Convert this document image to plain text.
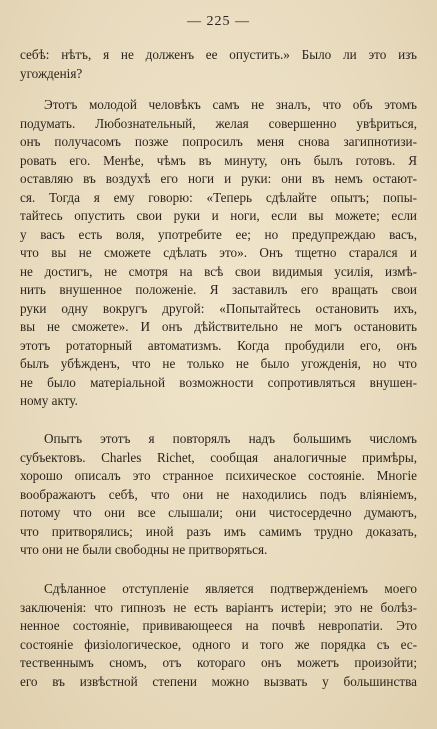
— 225 —
себѣ: нѣтъ, я не долженъ ее опустить.» Было ли это изъ
угожденія?
Этотъ молодой человѣкъ самъ не зналъ, что объ этомъ
подумать. Любознательный, желая совершенно увѣриться,
онъ получасомъ позже попросилъ меня снова загипнотизи-
ровать его. Менѣе, чѣмъ въ минуту, онъ былъ готовъ. Я
оставляю въ воздухѣ его ноги и руки: они въ немъ остают-
ся. Тогда я ему говорю: «Теперь сдѣлайте опытъ; попы-
тайтесь опустить свои руки и ноги, если вы можете; если
у васъ есть воля, употребите ее; но предупреждаю васъ,
что вы не сможете сдѣлать это». Онъ тщетно старался и
не достигъ, не смотря на всѣ свои видимыя усилія, измѣ-
нить внушенное положеніе. Я заставилъ его вращать свои
руки одну вокругъ другой: «Попытайтесь остановить ихъ,
вы не сможете». И онъ дѣйствительно не могъ остановить
этотъ ротаторный автоматизмъ. Когда пробудили его, онъ
былъ убѣжденъ, что не только не было угожденія, но что
не было матеріальной возможности сопротивляться внушен-
ному акту.
Опытъ этотъ я повторялъ надъ большимъ числомъ
субъектовъ. Charles Richet, сообщая аналогичные примѣры,
хорошо описалъ это странное психическое состояніе. Многіе
воображаютъ себѣ, что они не находились подъ вліяніемъ,
потому что они все слышали; они чистосердечно думаютъ,
что притворялись; иной разъ имъ самимъ трудно доказать,
что они не были свободны не притворяться.
Сдѣланное отступленіе является подтвержденіемъ моего
заключенія: что гипнозъ не есть варіантъ истеріи; это не болѣз-
ненное состояніе, прививающееся на почвѣ невропатіи. Это
состояніе физіологическое, одного и того же порядка съ ес-
тественнымъ сномъ, отъ котораго онъ можетъ произойти;
его въ извѣстной степени можно вызвать у большинства
